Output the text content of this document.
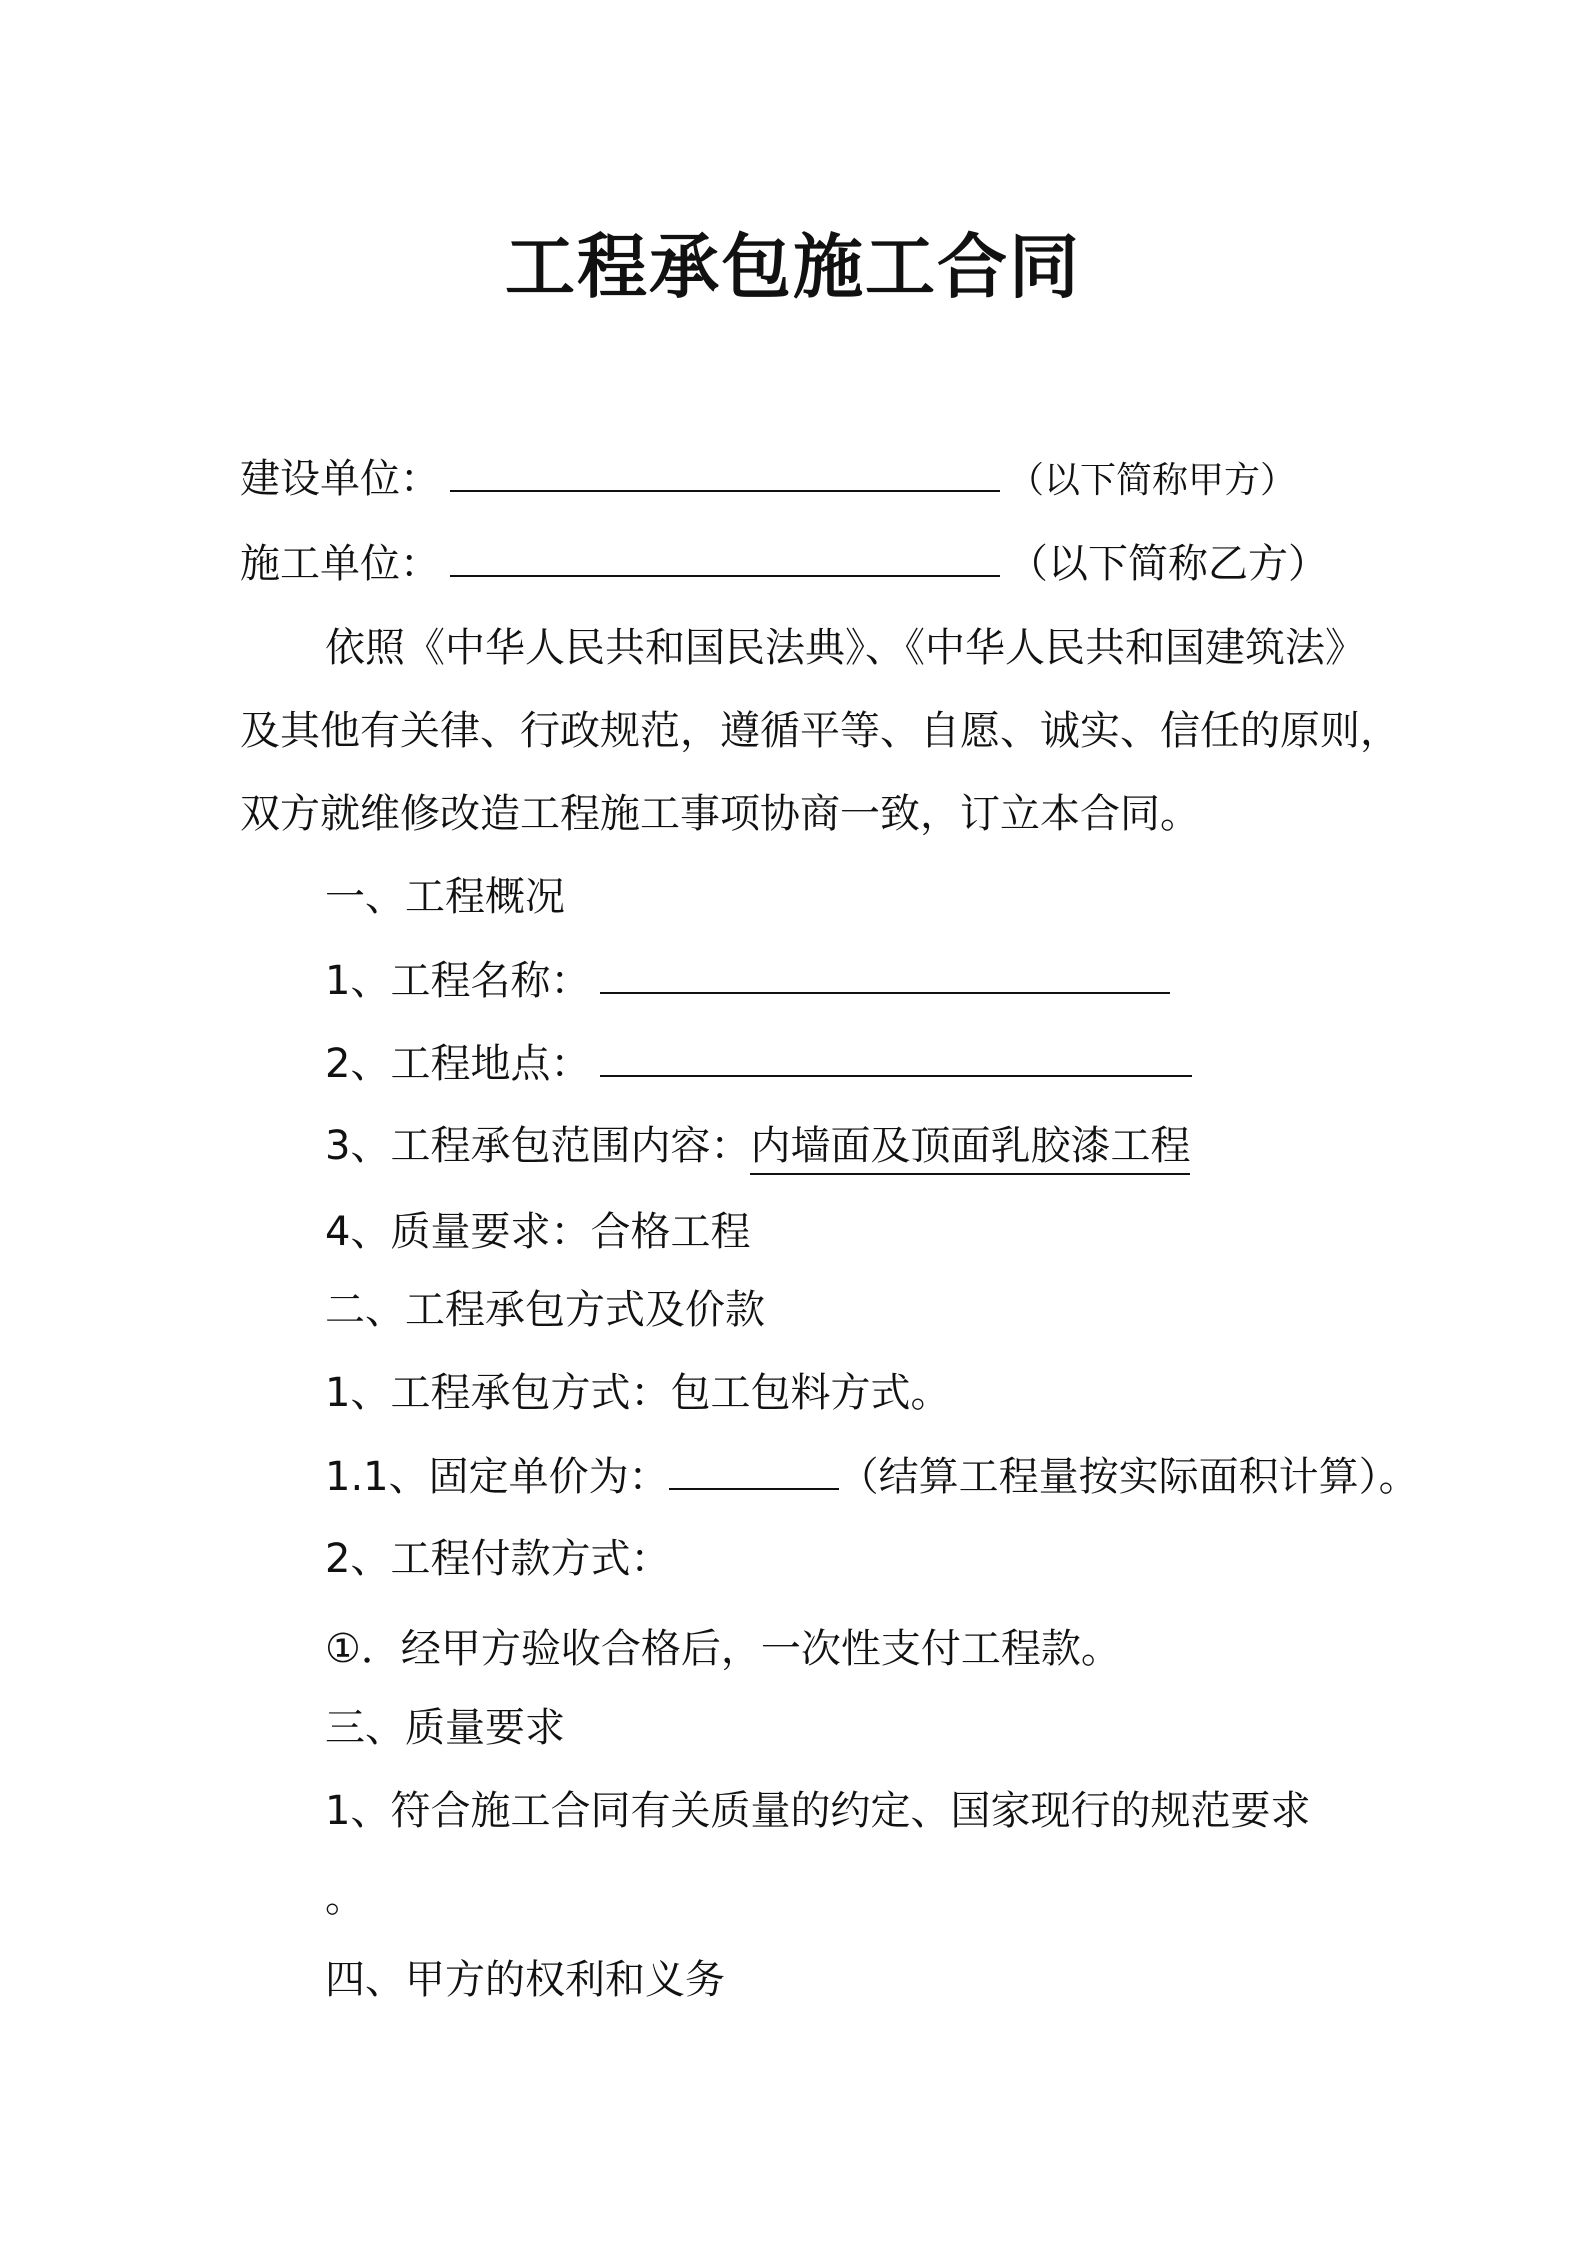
工程承包施工合同
建设单位：	（以下简称甲方）
施工单位：	（以下简称乙方）
依照《中华人民共和国民法典》、《中华人民共和国建筑法》
及其他有关律、行政规范，遵循平等、自愿、诚实、信任的原则，
双方就维修改造工程施工事项协商一致，订立本合同。
一、工程概况
1、工程名称：
2、工程地点：
3、工程承包范围内容：内墙面及顶面乳胶漆工程
4、质量要求：合格工程
二、工程承包方式及价款
1、工程承包方式：包工包料方式。
1.1、固定单价为：	（结算工程量按实际面积计算）。
2、工程付款方式：
①．经甲方验收合格后，一次性支付工程款。
三、质量要求
1、符合施工合同有关质量的约定、国家现行的规范要求
。
四、甲方的权利和义务
